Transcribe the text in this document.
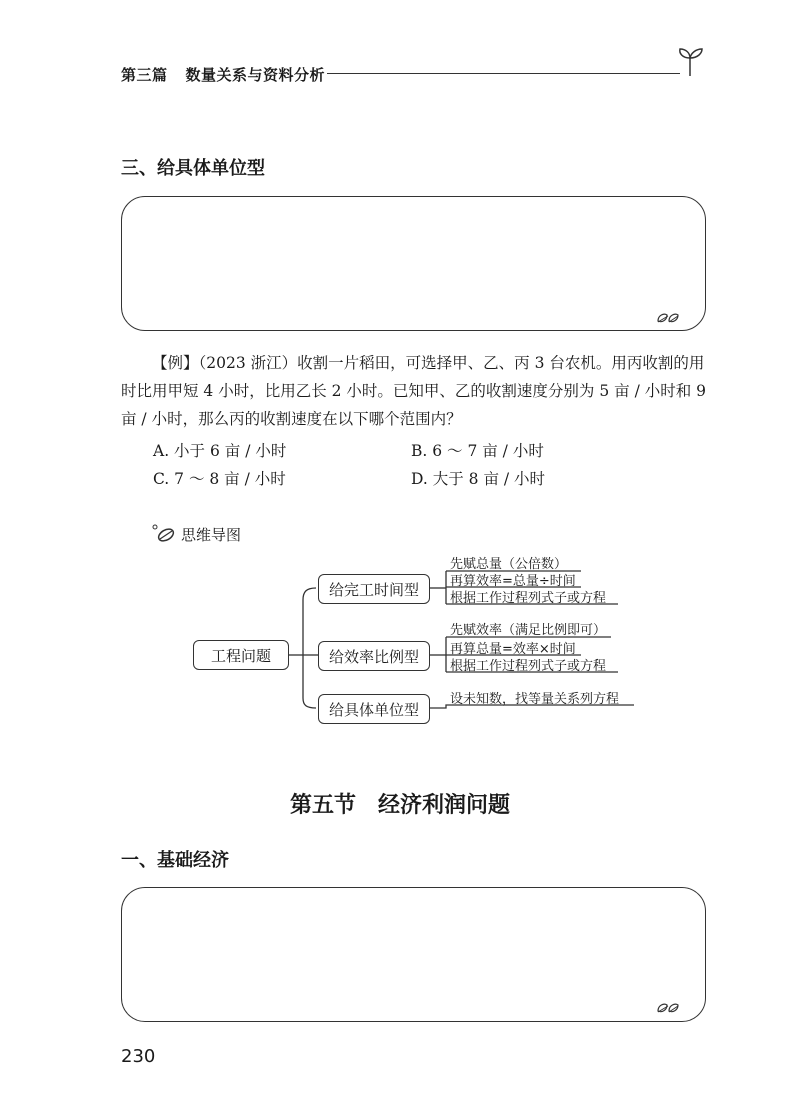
第三篇 数量关系与资料分析
三、给具体单位型
【例】（2023 浙江）收割一片稻田，可选择甲、乙、丙 3 台农机。用丙收割的用
时比用甲短 4 小时，比用乙长 2 小时。已知甲、乙的收割速度分别为 5 亩 / 小时和 9
亩 / 小时，那么丙的收割速度在以下哪个范围内？
A. 小于 6 亩 / 小时	B. 6 ～ 7 亩 / 小时
C. 7 ～ 8 亩 / 小时	D. 大于 8 亩 / 小时
思维导图
工程问题
给完工时间型
给效率比例型
给具体单位型
先赋总量（公倍数）
再算效率=总量÷时间
根据工作过程列式子或方程
先赋效率（满足比例即可）
再算总量=效率×时间
根据工作过程列式子或方程
设未知数，找等量关系列方程
第五节　经济利润问题
一、基础经济
230
